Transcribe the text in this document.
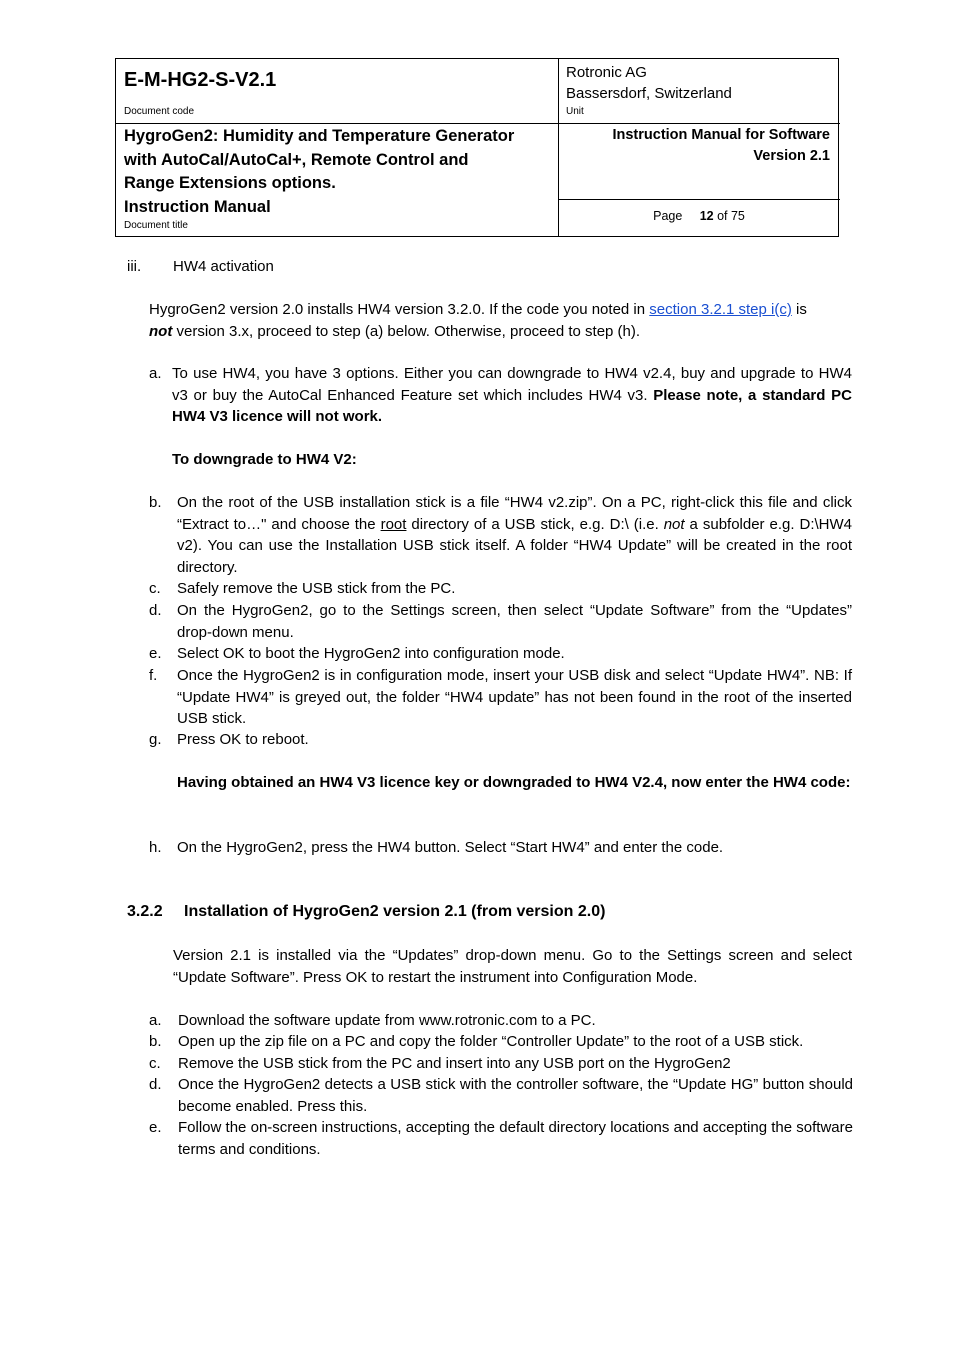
E-M-HG2-S-V2.1
Document code
Rotronic AG
Bassersdorf, Switzerland
Unit
HygroGen2: Humidity and Temperature Generator
with AutoCal/AutoCal+, Remote Control and
Range Extensions options.
Instruction Manual
Document title
Instruction Manual for Software
Version 2.1
Page 12 of 75
iii. HW4 activation
HygroGen2 version 2.0 installs HW4 version 3.2.0. If the code you noted in section 3.2.1 step i(c) is
not version 3.x, proceed to step (a) below. Otherwise, proceed to step (h).
a. To use HW4, you have 3 options. Either you can downgrade to HW4 v2.4, buy and upgrade to HW4 v3 or buy the AutoCal Enhanced Feature set which includes HW4 v3. Please note, a standard PC HW4 V3 licence will not work.
To downgrade to HW4 V2:
b. On the root of the USB installation stick is a file “HW4 v2.zip”. On a PC, right-click this file and click “Extract to…" and choose the root directory of a USB stick, e.g. D:\ (i.e. not a subfolder e.g. D:\HW4 v2). You can use the Installation USB stick itself. A folder “HW4 Update” will be created in the root directory.
c. Safely remove the USB stick from the PC.
d. On the HygroGen2, go to the Settings screen, then select “Update Software” from the “Updates” drop-down menu.
e. Select OK to boot the HygroGen2 into configuration mode.
f. Once the HygroGen2 is in configuration mode, insert your USB disk and select “Update HW4”. NB: If “Update HW4” is greyed out, the folder “HW4 update” has not been found in the root of the inserted USB stick.
g. Press OK to reboot.
Having obtained an HW4 V3 licence key or downgraded to HW4 V2.4, now enter the HW4 code:
h. On the HygroGen2, press the HW4 button. Select “Start HW4” and enter the code.
3.2.2 Installation of HygroGen2 version 2.1 (from version 2.0)
Version 2.1 is installed via the “Updates” drop-down menu. Go to the Settings screen and select “Update Software”. Press OK to restart the instrument into Configuration Mode.
a. Download the software update from www.rotronic.com to a PC.
b. Open up the zip file on a PC and copy the folder “Controller Update” to the root of a USB stick.
c. Remove the USB stick from the PC and insert into any USB port on the HygroGen2
d. Once the HygroGen2 detects a USB stick with the controller software, the “Update HG” button should become enabled. Press this.
e. Follow the on-screen instructions, accepting the default directory locations and accepting the software terms and conditions.
